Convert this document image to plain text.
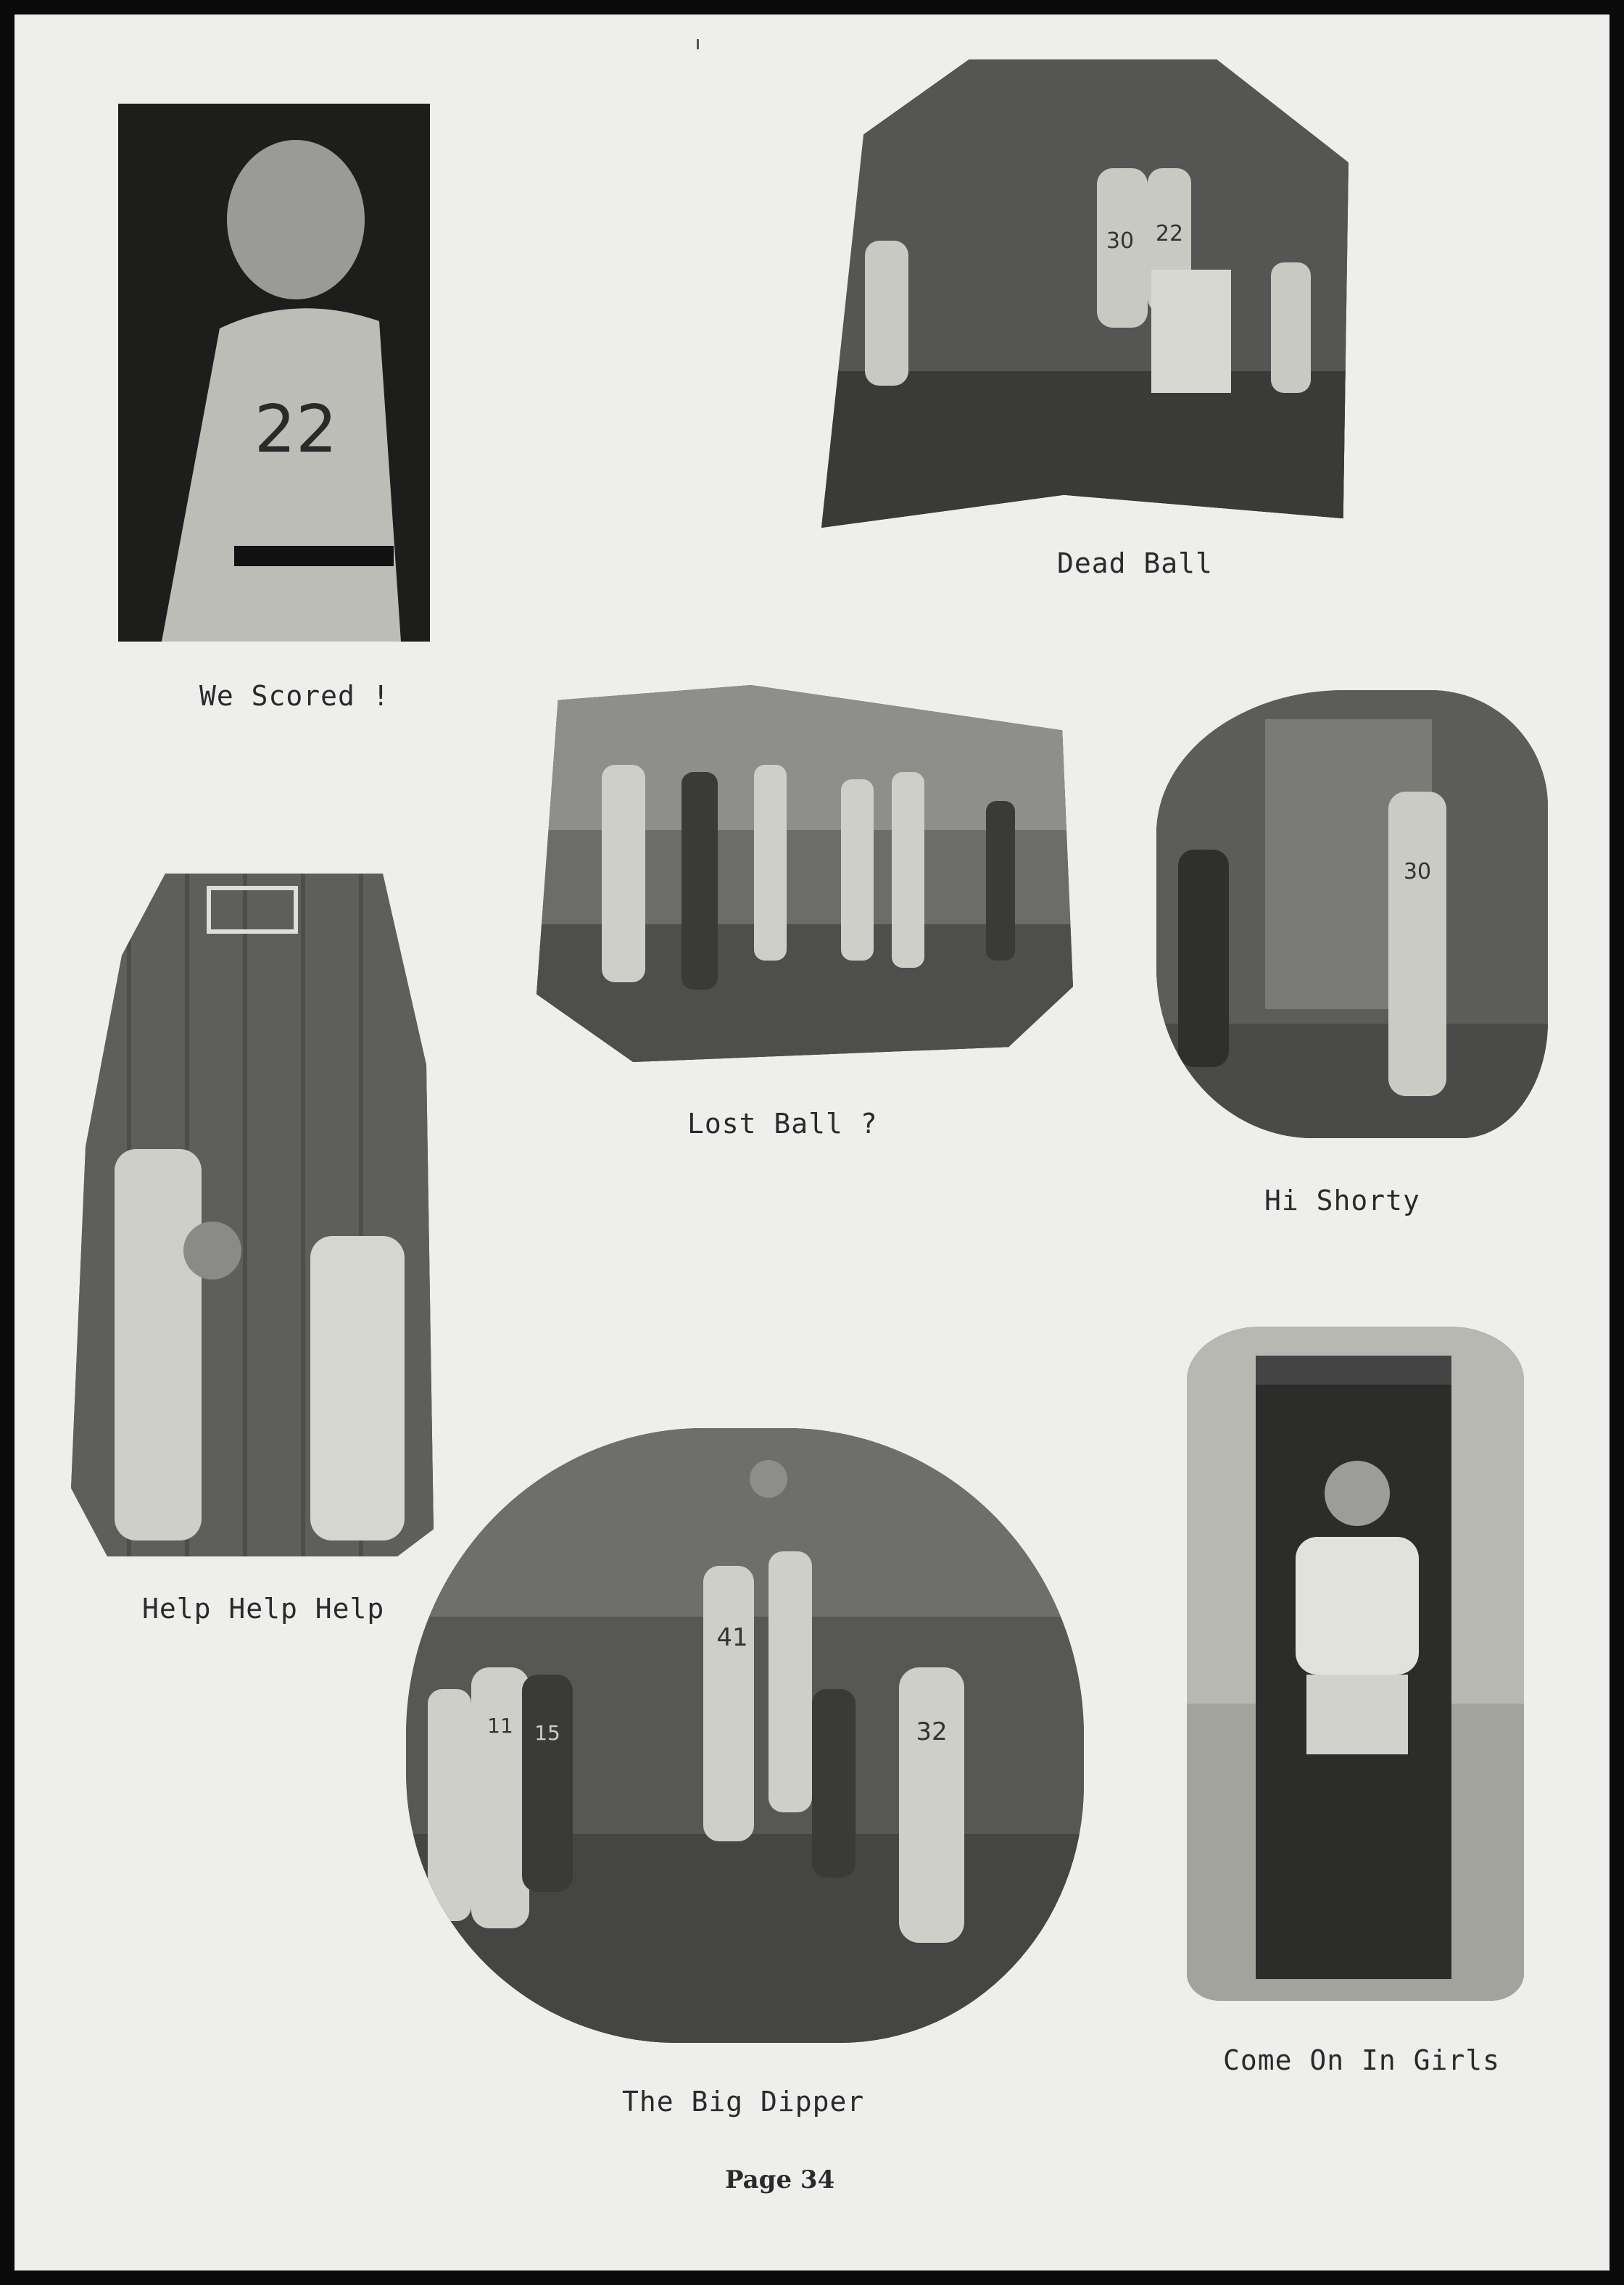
22

We Scored !

30 22

Dead Ball

Lost Ball ?

30

Hi Shorty

Help Help Help

41
32
15
11

The Big Dipper

Come On In Girls

Page 34
